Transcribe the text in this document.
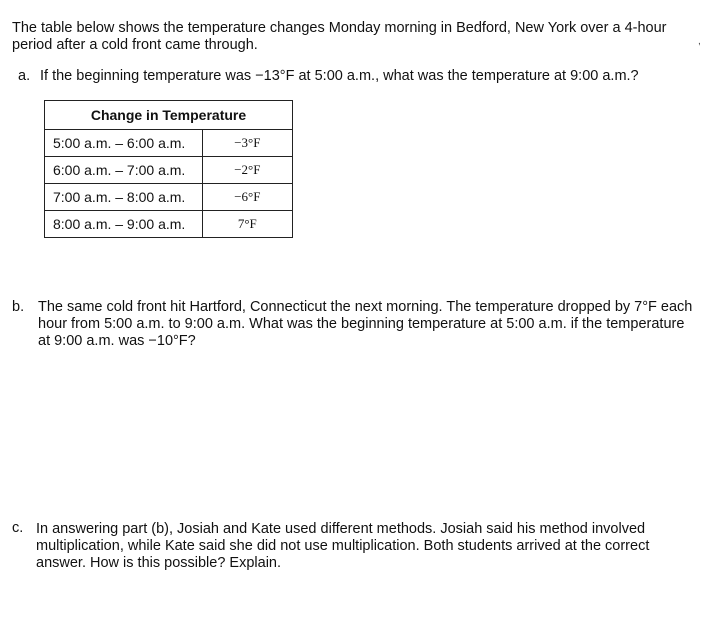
The table below shows the temperature changes Monday morning in Bedford, New York over a 4-hour period after a cold front came through.	,
a. If the beginning temperature was −13°F at 5:00 a.m., what was the temperature at 9:00 a.m.?
Change in Temperature	
5:00 a.m. – 6:00 a.m.	−3°F
6:00 a.m. – 7:00 a.m.	−2°F
7:00 a.m. – 8:00 a.m.	−6°F
8:00 a.m. – 9:00 a.m.	7°F
b. The same cold front hit Hartford, Connecticut the next morning. The temperature dropped by 7°F each hour from 5:00 a.m. to 9:00 a.m. What was the beginning temperature at 5:00 a.m. if the temperature at 9:00 a.m. was −10°F?
c. In answering part (b), Josiah and Kate used different methods. Josiah said his method involved multiplication, while Kate said she did not use multiplication. Both students arrived at the correct answer. How is this possible? Explain.
